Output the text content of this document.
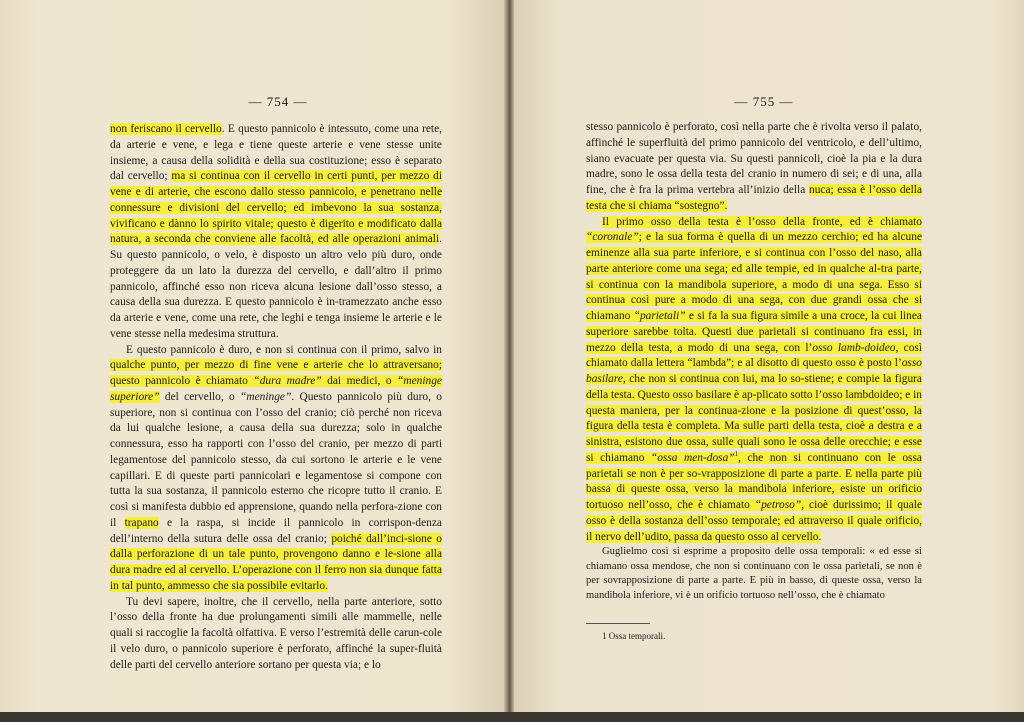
— 754 —	— 755 —

non feriscano il cervello. E questo pannicolo è intessuto, come una rete, da arterie e vene, e lega e tiene queste arterie e vene stesse unite insieme, a causa della solidità e della sua costituzione; esso è separato dal cervello; ma si continua con il cervello in certi punti, per mezzo di vene e di arterie, che escono dallo stesso pannicolo, e penetrano nelle connessure e divisioni del cervello; ed imbevono la sua sostanza, vivificano e dànno lo spirito vitale; questo è digerito e modificato dalla natura, a seconda che conviene alle facoltà, ed alle operazioni animali. Su questo pannicolo, o velo, è disposto un altro velo più duro, onde proteggere da un lato la durezza del cervello, e dall’altro il primo pannicolo, affinché esso non riceva alcuna lesione dall’osso stesso, a causa della sua durezza. E questo pannicolo è in-tramezzato anche esso da arterie e vene, come una rete, che leghi e tenga insieme le arterie e le vene stesse nella medesima struttura.

E questo pannicolo è duro, e non si continua con il primo, salvo in qualche punto, per mezzo di fine vene e arterie che lo attraversano; questo pannicolo è chiamato “dura madre” dai medici, o “meninge superiore” del cervello, o “meninge”. Questo pannicolo più duro, o superiore, non si continua con l’osso del cranio; ciò perché non riceva da lui qualche lesione, a causa della sua durezza; solo in qualche connessura, esso ha rapporti con l’osso del cranio, per mezzo di parti legamentose del pannicolo stesso, da cui sortono le arterie e le vene capillari. E di queste parti pannicolari e legamentose si compone con tutta la sua sostanza, il pannicolo esterno che ricopre tutto il cranio. E così si manifesta dubbio ed apprensione, quando nella perfora-zione con il trapano e la raspa, si incide il pannicolo in corrispon-denza dell’interno della sutura delle ossa del cranio; poiché dall’inci-sione o dalla perforazione di un tale punto, provengono danno e le-sione alla dura madre ed al cervello. L’operazione con il ferro non sia dunque fatta in tal punto, ammesso che sia possibile evitarlo.

Tu devi sapere, inoltre, che il cervello, nella parte anteriore, sotto l’osso della fronte ha due prolungamenti simili alle mammelle, nelle quali si raccoglie la facoltà olfattiva. E verso l’estremità delle carun-cole il velo duro, o pannicolo superiore è perforato, affinché la super-fluità delle parti del cervello anteriore sortano per questa via; e lo

stesso pannicolo è perforato, così nella parte che è rivolta verso il palato, affinché le superfluità del primo pannicolo del ventricolo, e dell’ultimo, siano evacuate per questa via. Su questi pannicoli, cioè la pia e la dura madre, sono le ossa della testa del cranio in numero di sei; e di una, alla fine, che è fra la prima vertebra all’inizio della nuca; essa è l’osso della testa che si chiama “sostegno”.

Il primo osso della testa è l’osso della fronte, ed è chiamato “coronale”; e la sua forma è quella di un mezzo cerchio; ed ha alcune eminenze alla sua parte inferiore, e si continua con l’osso del naso, alla parte anteriore come una sega; ed alle tempie, ed in qualche al-tra parte, si continua con la mandibola superiore, a modo di una sega. Esso si continua così pure a modo di una sega, con due grandi ossa che si chiamano “parietali” e si fa la sua figura simile a una croce, la cui linea superiore sarebbe tolta. Questi due parietali si continuano fra essi, in mezzo della testa, a modo di una sega, con l’osso lamb-doideo, così chiamato dalla lettera “lambda”; e al disotto di questo osso è posto l’osso basilare, che non si continua con lui, ma lo so-stiene; e compie la figura della testa. Questo osso basilare è ap-plicato sotto l’osso lambdoideo; e in questa maniera, per la continua-zione e la posizione di quest’osso, la figura della testa è completa. Ma sulle parti della testa, cioè a destra e a sinistra, esistono due ossa, sulle quali sono le ossa delle orecchie; e esse si chiamano “ossa men-dosa”$^1$, che non si continuano con le ossa parietali se non è per so-vrapposizione di parte a parte. E nella parte più bassa di queste ossa, verso la mandibola inferiore, esiste un orificio tortuoso nell’osso, che è chiamato “petroso”, cioè durissimo; il quale osso è della sostanza dell’osso temporale; ed attraverso il quale orificio, il nervo dell’udito, passa da questo osso al cervello.

Guglielmo così si esprime a proposito delle ossa temporali: « ed esse si chiamano ossa mendose, che non si continuano con le ossa parietali, se non è per sovrapposizione di parte a parte. E più in basso, di queste ossa, verso la mandibola inferiore, vi è un orificio tortuoso nell’osso, che è chiamato

1 Ossa temporali.
